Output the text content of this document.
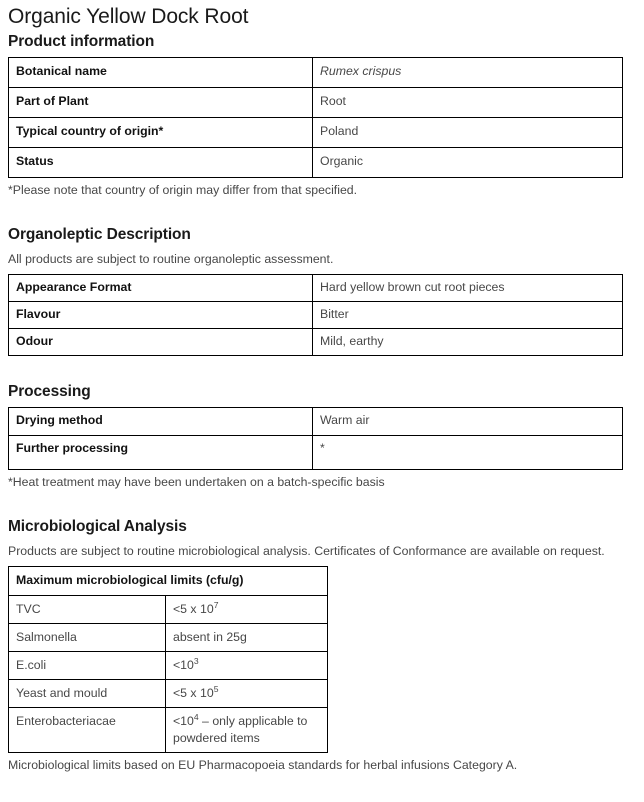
Organic Yellow Dock Root
Product information
Botanical name	Rumex crispus
Part of Plant	Root
Typical country of origin*	Poland
Status	Organic

*Please note that country of origin may differ from that specified.

Organoleptic Description

All products are subject to routine organoleptic assessment.

Appearance Format	Hard yellow brown cut root pieces
Flavour	Bitter
Odour	Mild, earthy
Processing
Drying method	Warm air
Further processing	*

*Heat treatment may have been undertaken on a batch-specific basis

Microbiological Analysis

Products are subject to routine microbiological analysis. Certificates of Conformance are available on request.

Maximum microbiological limits (cfu/g)	
TVC	<5 x $10^7$
Salmonella	absent in 25g
E.coli	$<10^3$
Yeast and mould	<5 x $10^5$
Enterobacteriacae	$<10^4$ – only applicable to powdered items

Microbiological limits based on EU Pharmacopoeia standards for herbal infusions Category A.
